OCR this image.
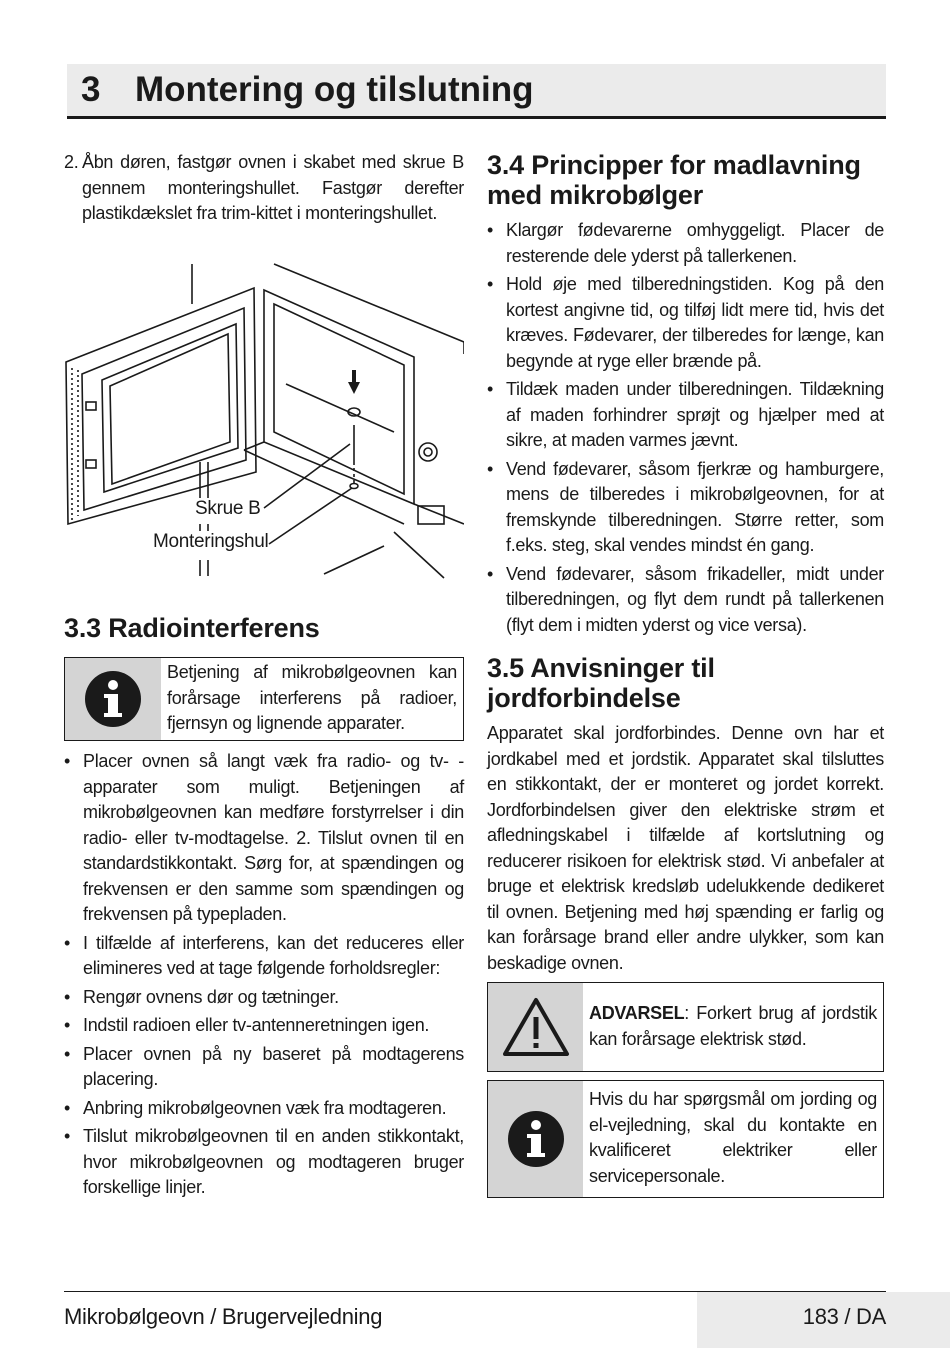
3 Montering og tilslutning
2. Åbn døren, fastgør ovnen i skabet med skrue B gennem monteringshullet. Fastgør derefter plastikdækslet fra trim-kittet i monteringshullet.
Skrue B
Monteringshul
3.3 Radiointerferens
Betjening af mikrobølgeovnen kan forårsage interferens på radioer, fjernsyn og lignende apparater.
• Placer ovnen så langt væk fra radio- og tv- -apparater som muligt. Betjeningen af mikrobølgeovnen kan medføre forstyrrelser i din radio- eller tv-modtagelse. 2. Tilslut ovnen til en standardstikkontakt. Sørg for, at spændingen og frekvensen er den samme som spændingen og frekvensen på typepladen.
• I tilfælde af interferens, kan det reduceres eller elimineres ved at tage følgende forholdsregler:
• Rengør ovnens dør og tætninger.
• Indstil radioen eller tv-antenneretningen igen.
• Placer ovnen på ny baseret på modtagerens placering.
• Anbring mikrobølgeovnen væk fra modtageren.
• Tilslut mikrobølgeovnen til en anden stikkontakt, hvor mikrobølgeovnen og modtageren bruger forskellige linjer.
3.4 Principper for madlavning med mikrobølger
• Klargør fødevarerne omhyggeligt. Placer de resterende dele yderst på tallerkenen.
• Hold øje med tilberedningstiden. Kog på den kortest angivne tid, og tilføj lidt mere tid, hvis det kræves. Fødevarer, der tilberedes for længe, kan begynde at ryge eller brænde på.
• Tildæk maden under tilberedningen. Tildækning af maden forhindrer sprøjt og hjælper med at sikre, at maden varmes jævnt.
• Vend fødevarer, såsom fjerkræ og hamburgere, mens de tilberedes i mikrobølgeovnen, for at fremskynde tilberedningen. Større retter, som f.eks. steg, skal vendes mindst én gang.
• Vend fødevarer, såsom frikadeller, midt under tilberedningen, og flyt dem rundt på tallerkenen (flyt dem i midten yderst og vice versa).
3.5 Anvisninger til jordforbindelse
Apparatet skal jordforbindes. Denne ovn har et jordkabel med et jordstik. Apparatet skal tilsluttes en stikkontakt, der er monteret og jordet korrekt. Jordforbindelsen giver den elektriske strøm et afledningskabel i tilfælde af kortslutning og reducerer risikoen for elektrisk stød. Vi anbefaler at bruge et elektrisk kredsløb udelukkende dedikeret til ovnen. Betjening med høj spænding er farlig og kan forårsage brand eller andre ulykker, som kan beskadige ovnen.
ADVARSEL: Forkert brug af jordstik kan forårsage elektrisk stød.
Hvis du har spørgsmål om jording og el-vejledning, skal du kontakte en kvalificeret elektriker eller servicepersonale.
Mikrobølgeovn / Brugervejledning	183 / DA
